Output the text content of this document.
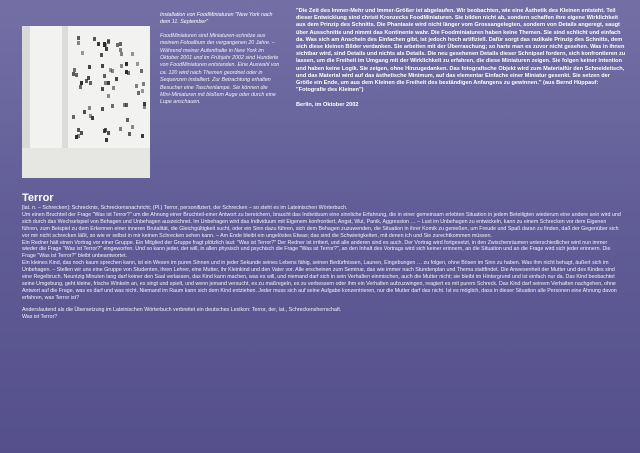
Installation von FoodMiniaturen "New York nach dem 11. September"

FoodMiniaturen sind Miniaturen-schnitze aus meinem Fotoalbum der vergangenen 20 Jahre. – Während meiner Aufenthalte in New York im Oktober 2001 und im Frühjahr 2002 sind Hunderte von FoodMiniaturen entstanden. Eine Auswahl von ca. 120 wird nach Themen geordnet oder in Sequenzen installiert. Zur Betrachtung erhalten Besucher eine Taschenlampe. Sie können die Mini-Miniaturen mit bloßem Auge oder durch eine Lupe anschauen.

"Die Zeit des Immer-Mehr und Immer-Größer ist abgelaufen. Wir beobachten, wie eine Ästhetik des Kleinen entsteht. Teil dieser Entwicklung sind christi Kronzecks FoodMiniaturen. Sie bilden nicht ab, sondern schaffen ihre eigene Wirklichkeit aus dem Prinzip des Schnitts. Die Phantasie wird nicht länger vom Grossangelegten, sondern von Details angeregt, saugt über Ausschnitte und nimmt das Kontinente wahr. Die Foodminiaturen haben keine Themen. Sie sind schlicht und einfach da. Was sich am Anschein des Einfachen gibt, ist jedoch hoch artifiziell. Dafür sorgt das radikale Prinzip des Schnitts, dem sich diese kleinen Bilder verdanken. Sie arbeiten mit der Überraschung; so harte man es zuvor nicht gesehen. Was in ihnen sichtbar wird, sind Details und nichts als Details. Die neu gesehenen Details dieser Schnipsel fordern, sich konfrontieren zu lassen, um die Freiheit im Umgang mit der Wirklichkeit zu erfahren, die diese Miniaturen zeigen. Sie folgen keiner Intention und haben keine Logik. Sie zeigen, ohne Hinzugedanken. Das fotografische Objekt wird zum Materialfür den Schneidetisch, und das Material wird auf das ästhetische Minimum, auf das elementar Einfache einer Miniatur gesenkt. Sie setzen der Größe ein Ende, um aus dem Kleinen die Freiheit des beständigen Anfangens zu gewinnen." (aus Bernd Hüppauf: "Fotografie des Kleinen")

Berlin, im Oktober 2002

Terror

[lat. n. – Schrecken]: Schrecknis, Schreckensnachricht; (Pl.) Terror, personifiziert, der Schrecken – so steht es im Lateinischen Wörterbuch.

Um einen Bruchteil der Frage "Was ist Terror?" um die Ahnung einer Bruchteil-einer Antwort zu bereichern, braucht das Individuum eine sinnliche Erfahrung, die in einer gemeinsam erlebten Situation in jedem Beteiligten wiederum eine andere sein wird und sich durch das Wechselspiel von Behagen und Unbehagen auszeichnet. Im Unbehagen wird das Individuum mit Eigenem konfrontiert, Angst, Wut, Panik, Aggression … – Lust im Unbehagen zu entwickeln, kann zu einem Schrecken vor dem Eigenen führen, zum Beispiel zu dem Erkennen einer inneren Brutalität, die Gleichgültigkeit sucht, oder ein Sinn dazu führen, sich dem Behagen zuzuwenden, die Situation in ihrer Komik zu genießen, um Freude und Spaß daran zu finden, daß der Gegenüber sich vor mir nicht schrecken läßt, so wie er selbst in mir keinen Schrecken sehen kann. – Am Ende bleibt ein ungelöstes Etwas; das sind die Schwierigkeiten, mit denen ich und Sie zurechtkommen müssen.

Ein Redner hält einen Vortrag vor einer Gruppe. Ein Mitglied der Gruppe fragt plötzlich laut: "Was ist Terror?" Der Redner ist irritiert, und alle anderen sind es auch. Der Vortrag wird fortgesetzt, in den Zwischenräumen unterschiedlicher wird nun immer wieder die Frage "Was ist Terror?" eingeworfen. Und so kann jeder, der will, in allen physisch und psychisch die Frage "Was ist Terror?", an den Inhalt des Vortrags wird sich keiner erinnern, an die Situation und an die Frage wird sich jeder erinnern. Die Frage "Was ist Terror?" bleibt unbeantwortet.

Ein kleines Kind, das noch kaum sprechen kann, ist ein Wesen im puren Sinnen und in jeder Sekunde seines Lebens fähig, seinen Bedürfnissen, Launen, Eingebungen … zu folgen, ohne Bösen im Sinn zu haben. Was ihm nicht behagt, äußert sich im Unbehagen. – Stellen wir uns eine Gruppe von Studenten, ihren Lehrer, eine Mutter, ihr Kleinkind und den Vater vor. Alle erscheinen zum Seminar, das wie immer nach Stundenplan und Thema stattfindet. Die Anwesenheit der Mutter und des Kindes sind eine Regelbruch. Neuntzig Minuten lang darf keiner den Saal verlassen, das Kind kann machen, was es will, und niemand darf sich in sein Verhalten einmischen, auch die Mutter nicht; sie bleibt im Hintergrund und ist einfach nur da. Das Kind beobachtet seine Umgebung, geht kleine, frische Winkeln an, es singt und spielt, und wenn jemand versucht, es zu maßregeln, es zu verbessern oder ihm ein Verhalten aufzuzwingen, reagiert es mit purem Schreck. Das Kind darf seinem Verhalten nachgehen, ohne Antwort auf die Frage, was es darf und was nicht. Niemand im Raum kann sich dem Kind entziehen. Jeder muss sich auf seine Aufgabe konzentrieren, nur die Mutter darf das nicht. Ist es möglich, dass in dieser Situation alle Personen eine Ahnung davon erfahren, was Terror ist?

Anderslautend als die Übersetzung im Lateinischen Wörterbuch verbreitet ein deutsches Lexikon: Terror, der, lat., Schreckensherrschaft.

Was ist Terror?
